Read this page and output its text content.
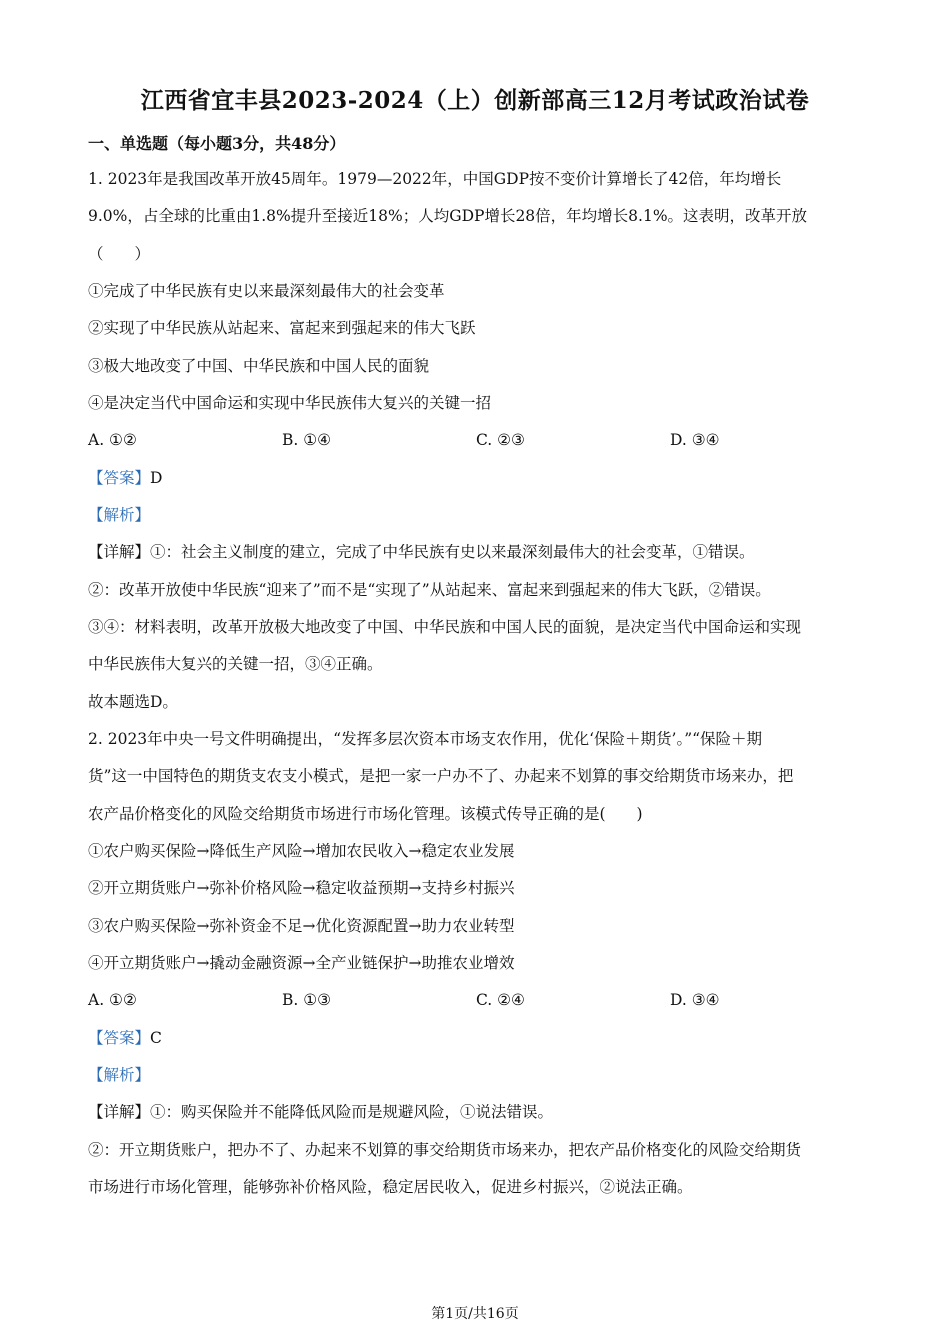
江西省宜丰县2023-2024（上）创新部高三12月考试政治试卷
一、单选题（每小题3分，共48分）
1. 2023年是我国改革开放45周年。1979—2022年，中国GDP按不变价计算增长了42倍，年均增长
9.0%，占全球的比重由1.8%提升至接近18%；人均GDP增长28倍，年均增长8.1%。这表明，改革开放
（　　）
①完成了中华民族有史以来最深刻最伟大的社会变革
②实现了中华民族从站起来、富起来到强起来的伟大飞跃
③极大地改变了中国、中华民族和中国人民的面貌
④是决定当代中国命运和实现中华民族伟大复兴的关键一招
A. ①②	B. ①④	C. ②③	D. ③④
【答案】D
【解析】
【详解】①：社会主义制度的建立，完成了中华民族有史以来最深刻最伟大的社会变革，①错误。
②：改革开放使中华民族“迎来了”而不是“实现了”从站起来、富起来到强起来的伟大飞跃，②错误。
③④：材料表明，改革开放极大地改变了中国、中华民族和中国人民的面貌，是决定当代中国命运和实现
中华民族伟大复兴的关键一招，③④正确。
故本题选D。
2. 2023年中央一号文件明确提出，“发挥多层次资本市场支农作用，优化‘保险＋期货’。”“保险＋期
货”这一中国特色的期货支农支小模式，是把一家一户办不了、办起来不划算的事交给期货市场来办，把
农产品价格变化的风险交给期货市场进行市场化管理。该模式传导正确的是(　　)
①农户购买保险→降低生产风险→增加农民收入→稳定农业发展
②开立期货账户→弥补价格风险→稳定收益预期→支持乡村振兴
③农户购买保险→弥补资金不足→优化资源配置→助力农业转型
④开立期货账户→撬动金融资源→全产业链保护→助推农业增效
A. ①②	B. ①③	C. ②④	D. ③④
【答案】C
【解析】
【详解】①：购买保险并不能降低风险而是规避风险，①说法错误。
②：开立期货账户，把办不了、办起来不划算的事交给期货市场来办，把农产品价格变化的风险交给期货
市场进行市场化管理，能够弥补价格风险，稳定居民收入，促进乡村振兴，②说法正确。
第1页/共16页
